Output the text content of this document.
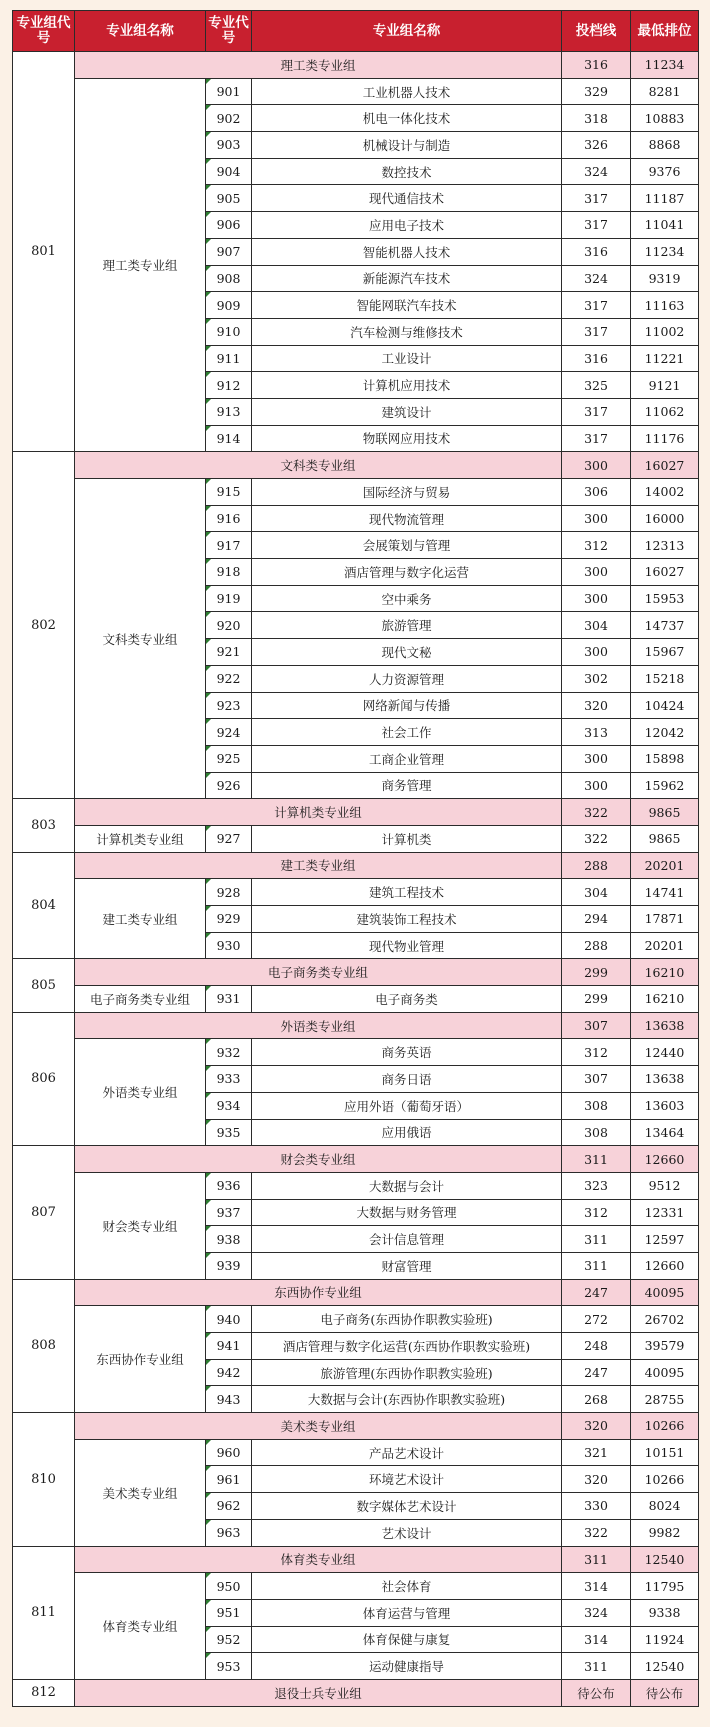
专业组代号	专业组名称	专业代号	专业组名称	投档线	最低排位
801	理工类专业组			316	11234
	理工类专业组	901	工业机器人技术	329	8281
		902	机电一体化技术	318	10883
		903	机械设计与制造	326	8868
		904	数控技术	324	9376
		905	现代通信技术	317	11187
		906	应用电子技术	317	11041
		907	智能机器人技术	316	11234
		908	新能源汽车技术	324	9319
		909	智能网联汽车技术	317	11163
		910	汽车检测与维修技术	317	11002
		911	工业设计	316	11221
		912	计算机应用技术	325	9121
		913	建筑设计	317	11062
		914	物联网应用技术	317	11176
802	文科类专业组			300	16027
	文科类专业组	915	国际经济与贸易	306	14002
		916	现代物流管理	300	16000
		917	会展策划与管理	312	12313
		918	酒店管理与数字化运营	300	16027
		919	空中乘务	300	15953
		920	旅游管理	304	14737
		921	现代文秘	300	15967
		922	人力资源管理	302	15218
		923	网络新闻与传播	320	10424
		924	社会工作	313	12042
		925	工商企业管理	300	15898
		926	商务管理	300	15962
803	计算机类专业组			322	9865
	计算机类专业组	927	计算机类	322	9865
804	建工类专业组			288	20201
	建工类专业组	928	建筑工程技术	304	14741
		929	建筑装饰工程技术	294	17871
		930	现代物业管理	288	20201
805	电子商务类专业组			299	16210
	电子商务类专业组	931	电子商务类	299	16210
806	外语类专业组			307	13638
	外语类专业组	932	商务英语	312	12440
		933	商务日语	307	13638
		934	应用外语（葡萄牙语）	308	13603
		935	应用俄语	308	13464
807	财会类专业组			311	12660
	财会类专业组	936	大数据与会计	323	9512
		937	大数据与财务管理	312	12331
		938	会计信息管理	311	12597
		939	财富管理	311	12660
808	东西协作专业组			247	40095
	东西协作专业组	940	电子商务(东西协作职教实验班)	272	26702
		941	酒店管理与数字化运营(东西协作职教实验班)	248	39579
		942	旅游管理(东西协作职教实验班)	247	40095
		943	大数据与会计(东西协作职教实验班)	268	28755
810	美术类专业组			320	10266
	美术类专业组	960	产品艺术设计	321	10151
		961	环境艺术设计	320	10266
		962	数字媒体艺术设计	330	8024
		963	艺术设计	322	9982
811	体育类专业组			311	12540
	体育类专业组	950	社会体育	314	11795
		951	体育运营与管理	324	9338
		952	体育保健与康复	314	11924
		953	运动健康指导	311	12540
812	退役士兵专业组			待公布	待公布
